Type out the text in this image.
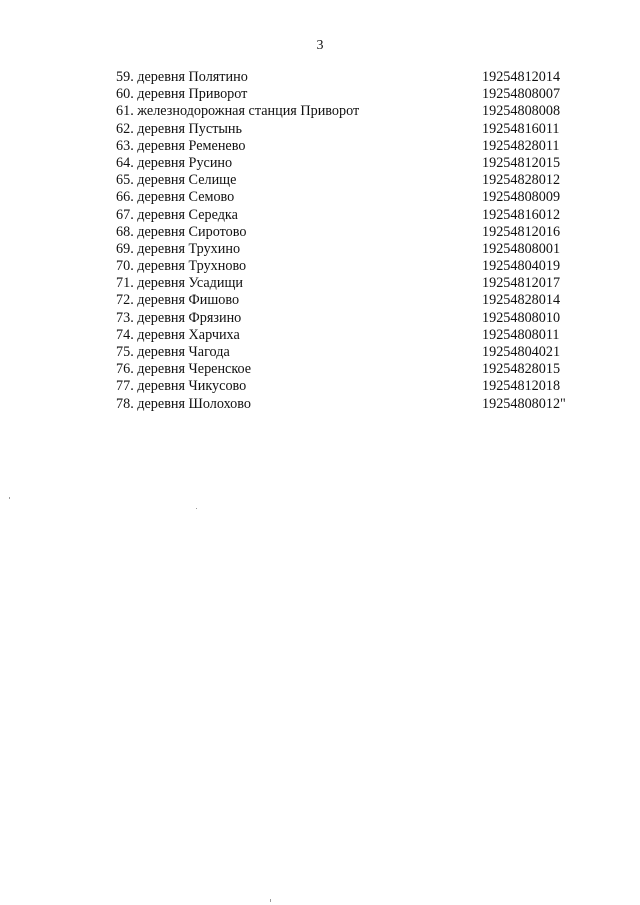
3
59. деревня Полятино	19254812014
60. деревня Приворот	19254808007
61. железнодорожная станция Приворот	19254808008
62. деревня Пустынь	19254816011
63. деревня Ременево	19254828011
64. деревня Русино	19254812015
65. деревня Селище	19254828012
66. деревня Семово	19254808009
67. деревня Середка	19254816012
68. деревня Сиротово	19254812016
69. деревня Трухино	19254808001
70. деревня Трухново	19254804019
71. деревня Усадищи	19254812017
72. деревня Фишово	19254828014
73. деревня Фрязино	19254808010
74. деревня Харчиха	19254808011
75. деревня Чагода	19254804021
76. деревня Черенское	19254828015
77. деревня Чикусово	19254812018
78. деревня Шолохово	19254808012"
